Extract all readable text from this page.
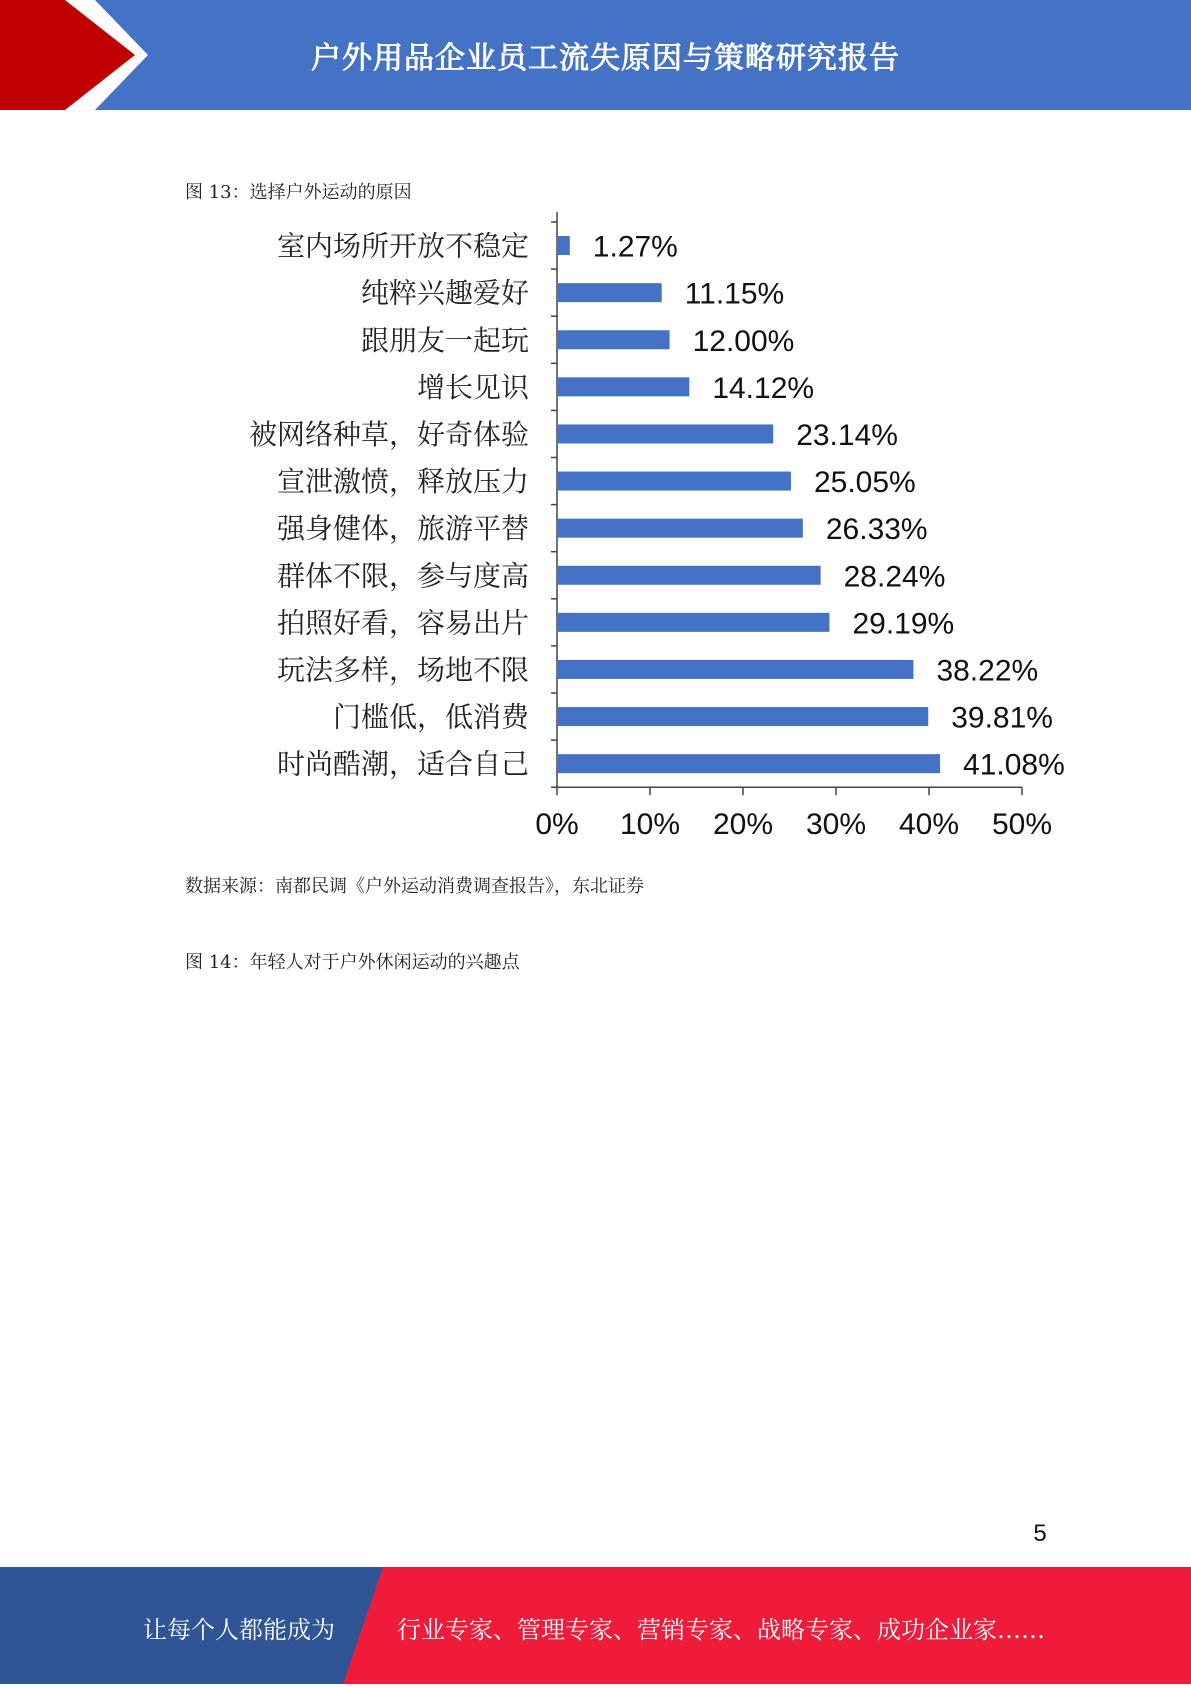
户外用品企业员工流失原因与策略研究报告
图 13：选择户外运动的原因
室内场所开放不稳定 1.27%
纯粹兴趣爱好	11.15%
跟朋友一起玩	12.00%
增长见识	14.12%
被网络种草，好奇体验	23.14%
宣泄激愤，释放压力	25.05%
强身健体，旅游平替	26.33%
群体不限，参与度高	28.24%
拍照好看，容易出片	29.19%
玩法多样，场地不限	38.22%
门槛低，低消费	39.81%
时尚酷潮，适合自己	41.08%
0% 10% 20% 30% 40% 50%
数据来源：南都民调《户外运动消费调查报告》，东北证券
图 14：年轻人对于户外休闲运动的兴趣点
5
让每个人都能成为	行业专家、管理专家、营销专家、战略专家、成功企业家……
